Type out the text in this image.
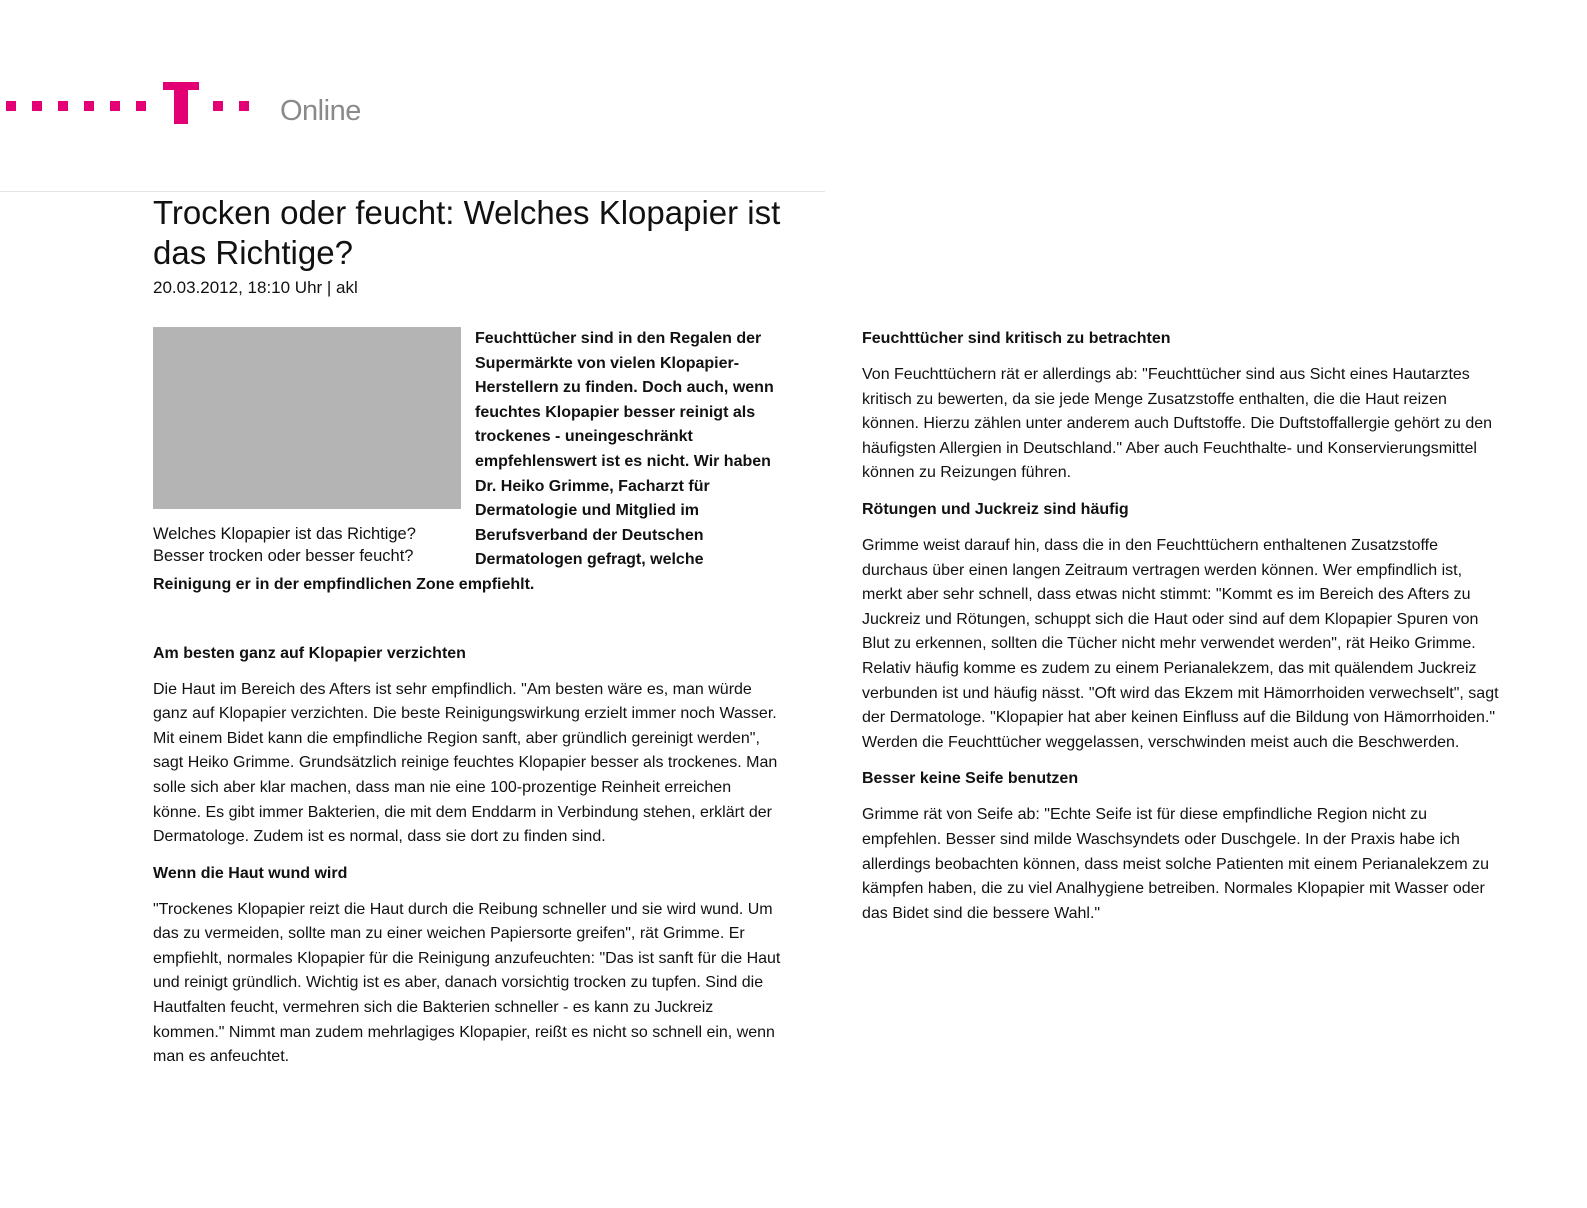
Online
Trocken oder feucht: Welches Klopapier ist das Richtige?
20.03.2012, 18:10 Uhr | akl
Welches Klopapier ist das Richtige? Besser trocken oder besser feucht?

Feuchttücher sind in den Regalen der Supermärkte von vielen Klopapier-Herstellern zu finden. Doch auch, wenn feuchtes Klopapier besser reinigt als trockenes - uneingeschränkt empfehlenswert ist es nicht. Wir haben Dr. Heiko Grimme, Facharzt für Dermatologie und Mitglied im Berufsverband der Deutschen Dermatologen gefragt, welche Reinigung er in der empfindlichen Zone empfiehlt.

Am besten ganz auf Klopapier verzichten

Die Haut im Bereich des Afters ist sehr empfindlich. "Am besten wäre es, man würde ganz auf Klopapier verzichten. Die beste Reinigungswirkung erzielt immer noch Wasser. Mit einem Bidet kann die empfindliche Region sanft, aber gründlich gereinigt werden", sagt Heiko Grimme. Grundsätzlich reinige feuchtes Klopapier besser als trockenes. Man solle sich aber klar machen, dass man nie eine 100-prozentige Reinheit erreichen könne. Es gibt immer Bakterien, die mit dem Enddarm in Verbindung stehen, erklärt der Dermatologe. Zudem ist es normal, dass sie dort zu finden sind.

Wenn die Haut wund wird

"Trockenes Klopapier reizt die Haut durch die Reibung schneller und sie wird wund. Um das zu vermeiden, sollte man zu einer weichen Papiersorte greifen", rät Grimme. Er empfiehlt, normales Klopapier für die Reinigung anzufeuchten: "Das ist sanft für die Haut und reinigt gründlich. Wichtig ist es aber, danach vorsichtig trocken zu tupfen. Sind die Hautfalten feucht, vermehren sich die Bakterien schneller - es kann zu Juckreiz kommen." Nimmt man zudem mehrlagiges Klopapier, reißt es nicht so schnell ein, wenn man es anfeuchtet.

Feuchttücher sind kritisch zu betrachten

Von Feuchttüchern rät er allerdings ab: "Feuchttücher sind aus Sicht eines Hautarztes kritisch zu bewerten, da sie jede Menge Zusatzstoffe enthalten, die die Haut reizen können. Hierzu zählen unter anderem auch Duftstoffe. Die Duftstoffallergie gehört zu den häufigsten Allergien in Deutschland." Aber auch Feuchthalte- und Konservierungsmittel können zu Reizungen führen.

Rötungen und Juckreiz sind häufig

Grimme weist darauf hin, dass die in den Feuchttüchern enthaltenen Zusatzstoffe durchaus über einen langen Zeitraum vertragen werden können. Wer empfindlich ist, merkt aber sehr schnell, dass etwas nicht stimmt: "Kommt es im Bereich des Afters zu Juckreiz und Rötungen, schuppt sich die Haut oder sind auf dem Klopapier Spuren von Blut zu erkennen, sollten die Tücher nicht mehr verwendet werden", rät Heiko Grimme. Relativ häufig komme es zudem zu einem Perianalekzem, das mit quälendem Juckreiz verbunden ist und häufig nässt. "Oft wird das Ekzem mit Hämorrhoiden verwechselt", sagt der Dermatologe. "Klopapier hat aber keinen Einfluss auf die Bildung von Hämorrhoiden." Werden die Feuchttücher weggelassen, verschwinden meist auch die Beschwerden.

Besser keine Seife benutzen

Grimme rät von Seife ab: "Echte Seife ist für diese empfindliche Region nicht zu empfehlen. Besser sind milde Waschsyndets oder Duschgele. In der Praxis habe ich allerdings beobachten können, dass meist solche Patienten mit einem Perianalekzem zu kämpfen haben, die zu viel Analhygiene betreiben. Normales Klopapier mit Wasser oder das Bidet sind die bessere Wahl."
